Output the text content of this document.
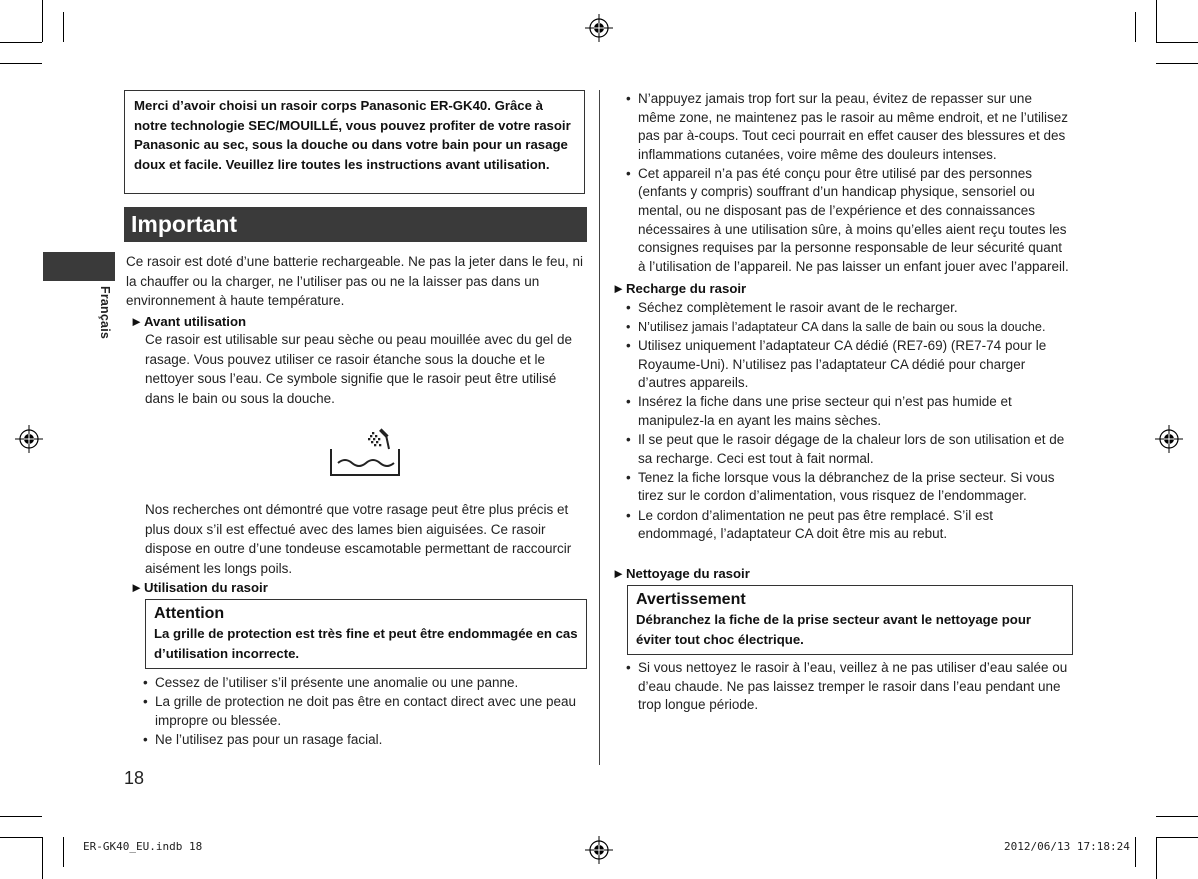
Français
Merci d’avoir choisi un rasoir corps Panasonic ER-GK40. Grâce à notre technologie SEC/MOUILLÉ, vous pouvez profiter de votre rasoir Panasonic au sec, sous la douche ou dans votre bain pour un rasage doux et facile. Veuillez lire toutes les instructions avant utilisation.
Important
Ce rasoir est doté d’une batterie rechargeable. Ne pas la jeter dans le feu, ni la chauffer ou la charger, ne l’utiliser pas ou ne la laisser pas dans un environnement à haute température.
►Avant utilisation
Ce rasoir est utilisable sur peau sèche ou peau mouillée avec du gel de rasage. Vous pouvez utiliser ce rasoir étanche sous la douche et le nettoyer sous l’eau. Ce symbole signifie que le rasoir peut être utilisé dans le bain ou sous la douche.
Nos recherches ont démontré que votre rasage peut être plus précis et plus doux s’il est effectué avec des lames bien aiguisées. Ce rasoir dispose en outre d’une tondeuse escamotable permettant de raccourcir aisément les longs poils.
►Utilisation du rasoir
Attention
La grille de protection est très fine et peut être endommagée en cas d’utilisation incorrecte.
• Cessez de l’utiliser s’il présente une anomalie ou une panne.
• La grille de protection ne doit pas être en contact direct avec une peau impropre ou blessée.
• Ne l’utilisez pas pour un rasage facial.
18
• N’appuyez jamais trop fort sur la peau, évitez de repasser sur une même zone, ne maintenez pas le rasoir au même endroit, et ne l’utilisez pas par à-coups. Tout ceci pourrait en effet causer des blessures et des inflammations cutanées, voire même des douleurs intenses.
• Cet appareil n’a pas été conçu pour être utilisé par des personnes (enfants y compris) souffrant d’un handicap physique, sensoriel ou mental, ou ne disposant pas de l’expérience et des connaissances nécessaires à une utilisation sûre, à moins qu’elles aient reçu toutes les consignes requises par la personne responsable de leur sécurité quant à l’utilisation de l’appareil. Ne pas laisser un enfant jouer avec l’appareil.
►Recharge du rasoir
• Séchez complètement le rasoir avant de le recharger.
• N’utilisez jamais l’adaptateur CA dans la salle de bain ou sous la douche.
• Utilisez uniquement l’adaptateur CA dédié (RE7-69) (RE7-74 pour le Royaume-Uni). N’utilisez pas l’adaptateur CA dédié pour charger d’autres appareils.
• Insérez la fiche dans une prise secteur qui n’est pas humide et manipulez-la en ayant les mains sèches.
• Il se peut que le rasoir dégage de la chaleur lors de son utilisation et de sa recharge. Ceci est tout à fait normal.
• Tenez la fiche lorsque vous la débranchez de la prise secteur. Si vous tirez sur le cordon d’alimentation, vous risquez de l’endommager.
• Le cordon d’alimentation ne peut pas être remplacé. S’il est endommagé, l’adaptateur CA doit être mis au rebut.
►Nettoyage du rasoir
Avertissement
Débranchez la fiche de la prise secteur avant le nettoyage pour éviter tout choc électrique.
• Si vous nettoyez le rasoir à l’eau, veillez à ne pas utiliser d’eau salée ou d’eau chaude. Ne pas laissez tremper le rasoir dans l’eau pendant une trop longue période.
ER-GK40_EU.indb 18	2012/06/13 17:18:24
